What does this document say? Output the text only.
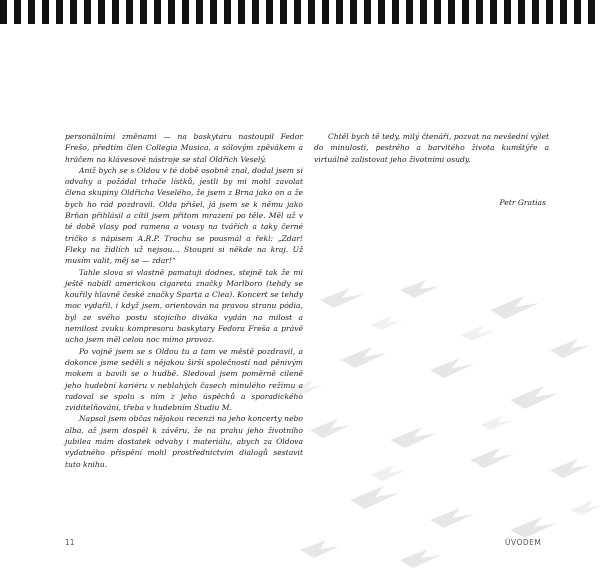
personálními změnami — na baskytaru nastoupil Fedor Frešo, předtím člen Collegia Musica, a sólovým zpěvákem a hráčem na klávesové nástroje se stal Oldřich Veselý.

Aniž bych se s Oldou v té době osobně znal, dodal jsem si odvahy a požádal trhače lístků, jestli by mi mohl zavolat člena skupiny Oldřicha Veselého, že jsem z Brna jako on a že bych ho rád pozdravil. Olda přišel, já jsem se k němu jako Brňan přihlásil a cítil jsem přitom mrazení po těle. Měl už v té době vlasy pod ramena a vousy na tvářích a taky černé tričko s nápisem A.R.P. Trochu se pousmál a řekl: „Zdar! Fleky na židlích už nejsou... Stoupni si někde na kraj. Už musím valit, měj se — zdar!“

Tahle slova si vlastně pamatuji dodnes, stejně tak že mi ještě nabídl americkou cigaretu značky Marlboro (tehdy se kouřily hlavně české značky Sparta a Clea). Koncert se tehdy moc vydařil, i když jsem, orientován na pravou stranu pódia, byl ze svého postu stojícího diváka vydán na milost a nemilost zvuku kompresoru baskytary Fedora Freša a právě ucho jsem měl celou noc mimo provoz.

Po vojně jsem se s Oldou tu a tam ve městě pozdravil, a dokonce jsme seděli s nějakou širší společností nad pěnivým mokem a bavili se o hudbě. Sledoval jsem poměrně cileně jeho hudební kariéru v neblahých časech minulého režimu a radoval se spolu s ním z jeho úspěchů a sporadického zviditelňování, třeba v hudebním Studiu M.

Napsal jsem občas nějakou recenzi na jeho koncerty nebo alba, až jsem dospěl k závěru, že na prahu jeho životního jubilea mám dostatek odvahy i materiálu, abych za Oldova vydatného přispění mohl prostřednictvím dialogů sestavit tuto knihu.

Chtěl bych tě tedy, milý čtenáři, pozvat na nevšední výlet do minulosti, pestrého a barvitého života kumštýře a virtuálně zalistovat jeho životními osudy.

Petr Gratias
11	ÚVODEM
